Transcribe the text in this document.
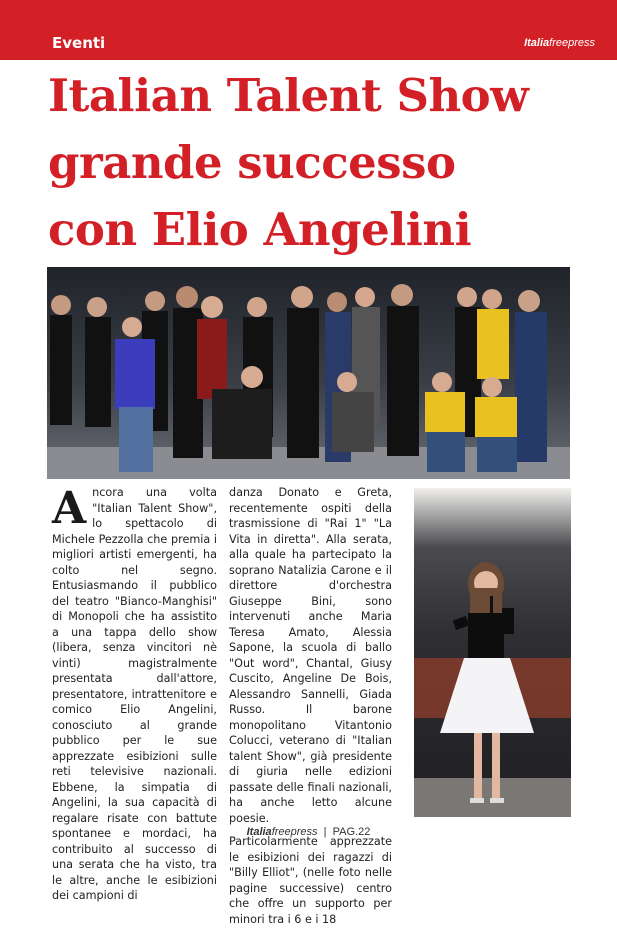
Eventi	Italiafreepress
Italian Talent Show
grande successo
con Elio Angelini

Ancora una volta "Italian Talent Show", lo spettacolo di Michele Pezzolla che premia i migliori artisti emergenti, ha colto nel segno. Entusiasmando il pubblico del teatro "Bianco-Manghisi" di Monopoli che ha assistito a una tappa dello show (libera, senza vincitori nè vinti) magistralmente presentata dall'attore, presentatore, intrattenitore e comico Elio Angelini, conosciuto al grande pubblico per le sue apprezzate esibizioni sulle reti televisive nazionali. Ebbene, la simpatia di Angelini, la sua capacità di regalare risate con battute spontanee e mordaci, ha contribuito al successo di una serata che ha visto, tra le altre, anche le esibizioni dei campioni di

danza Donato e Greta, recentemente ospiti della trasmissione di "Rai 1" "La Vita in diretta". Alla serata, alla quale ha partecipato la soprano Natalizia Carone e il direttore d'orchestra Giuseppe Bini, sono intervenuti anche Maria Teresa Amato, Alessia Sapone, la scuola di ballo "Out word", Chantal, Giusy Cuscito, Angeline De Bois, Alessandro Sannelli, Giada Russo. Il barone monopolitano Vitantonio Colucci, veterano di "Italian talent Show", già presidente di giuria nelle edizioni passate delle finali nazionali, ha anche letto alcune poesie.

Particolarmente apprezzate le esibizioni dei ragazzi di "Billy Elliot", (nelle foto nelle pagine successive) centro che offre un supporto per minori tra i 6 e i 18

Italiafreepress  |  PAG.22
